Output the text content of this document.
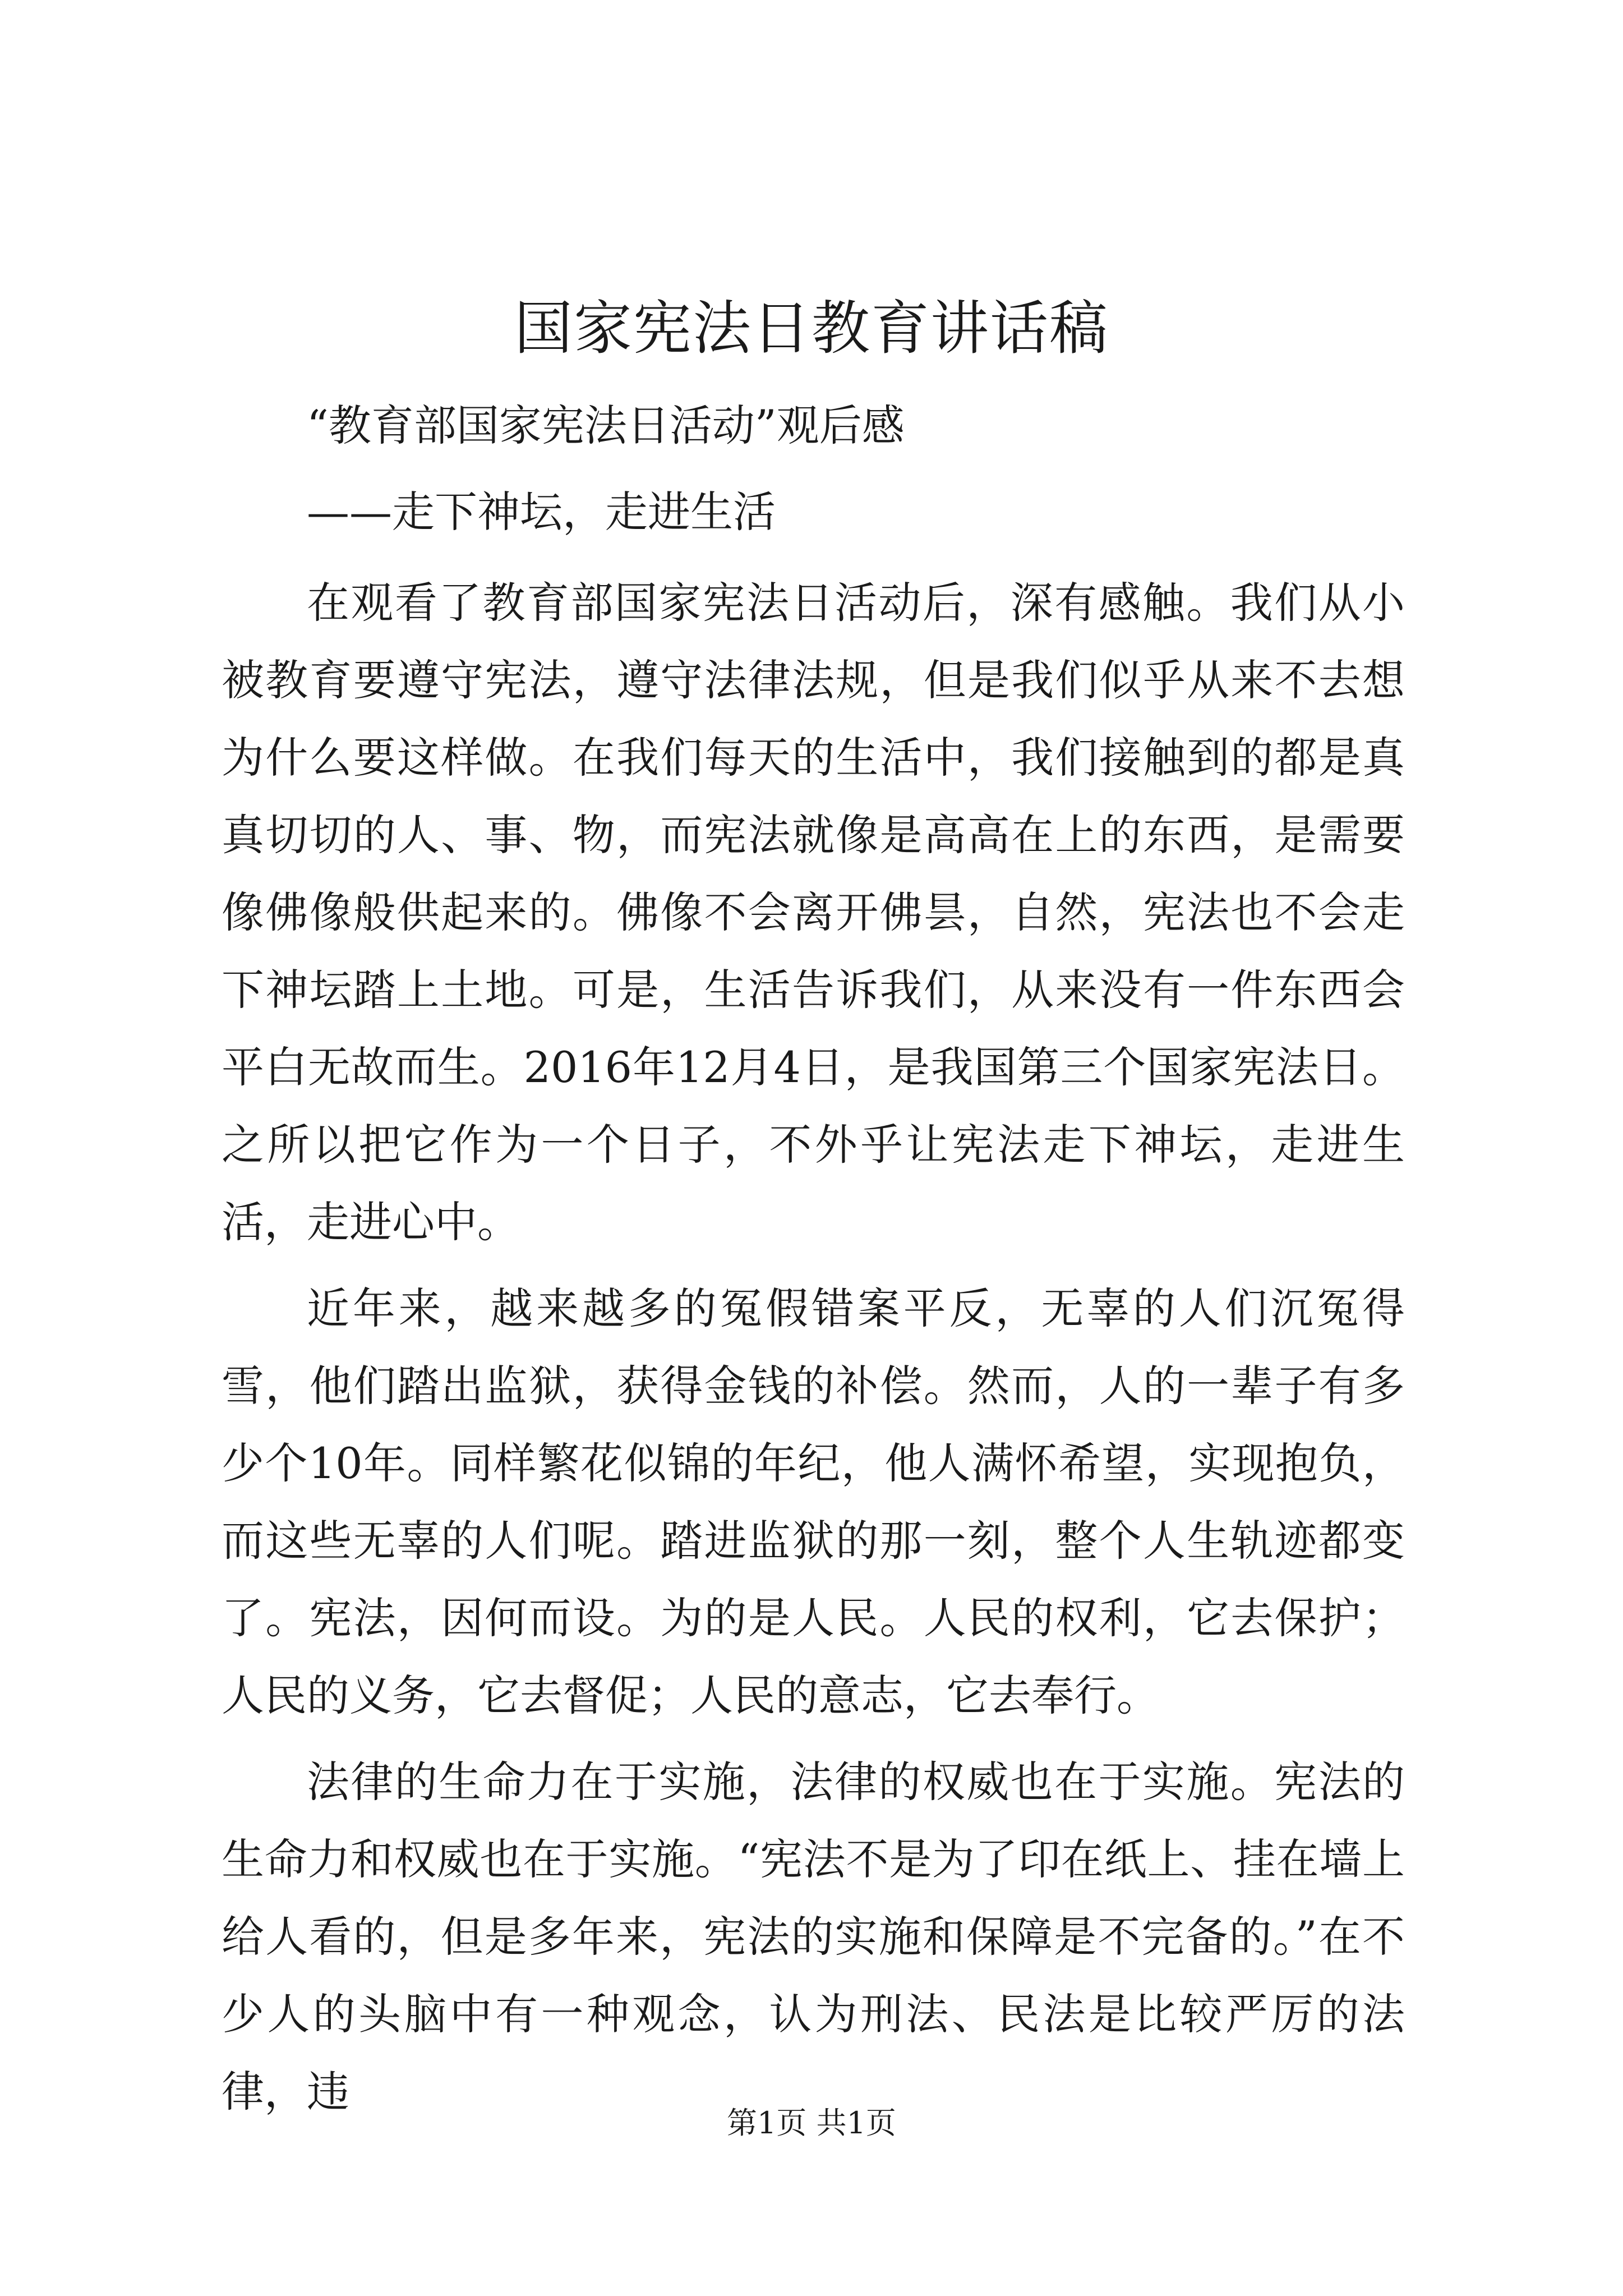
国家宪法日教育讲话稿

“教育部国家宪法日活动”观后感

——走下神坛，走进生活

在观看了教育部国家宪法日活动后，深有感触。我们从小被教育要遵守宪法，遵守法律法规，但是我们似乎从来不去想为什么要这样做。在我们每天的生活中，我们接触到的都是真真切切的人、事、物，而宪法就像是高高在上的东西，是需要像佛像般供起来的。佛像不会离开佛昙，自然，宪法也不会走下神坛踏上土地。可是，生活告诉我们，从来没有一件东西会平白无故而生。2016年12月4日，是我国第三个国家宪法日。之所以把它作为一个日子，不外乎让宪法走下神坛，走进生活，走进心中。

近年来，越来越多的冤假错案平反，无辜的人们沉冤得雪，他们踏出监狱，获得金钱的补偿。然而，人的一辈子有多少个10年。同样繁花似锦的年纪，他人满怀希望，实现抱负，而这些无辜的人们呢。踏进监狱的那一刻，整个人生轨迹都变了。宪法，因何而设。为的是人民。人民的权利，它去保护；人民的义务，它去督促；人民的意志，它去奉行。

法律的生命力在于实施，法律的权威也在于实施。宪法的生命力和权威也在于实施。“宪法不是为了印在纸上、挂在墙上给人看的，但是多年来，宪法的实施和保障是不完备的。”在不少人的头脑中有一种观念，认为刑法、民法是比较严厉的法律，违

第1页 共1页
